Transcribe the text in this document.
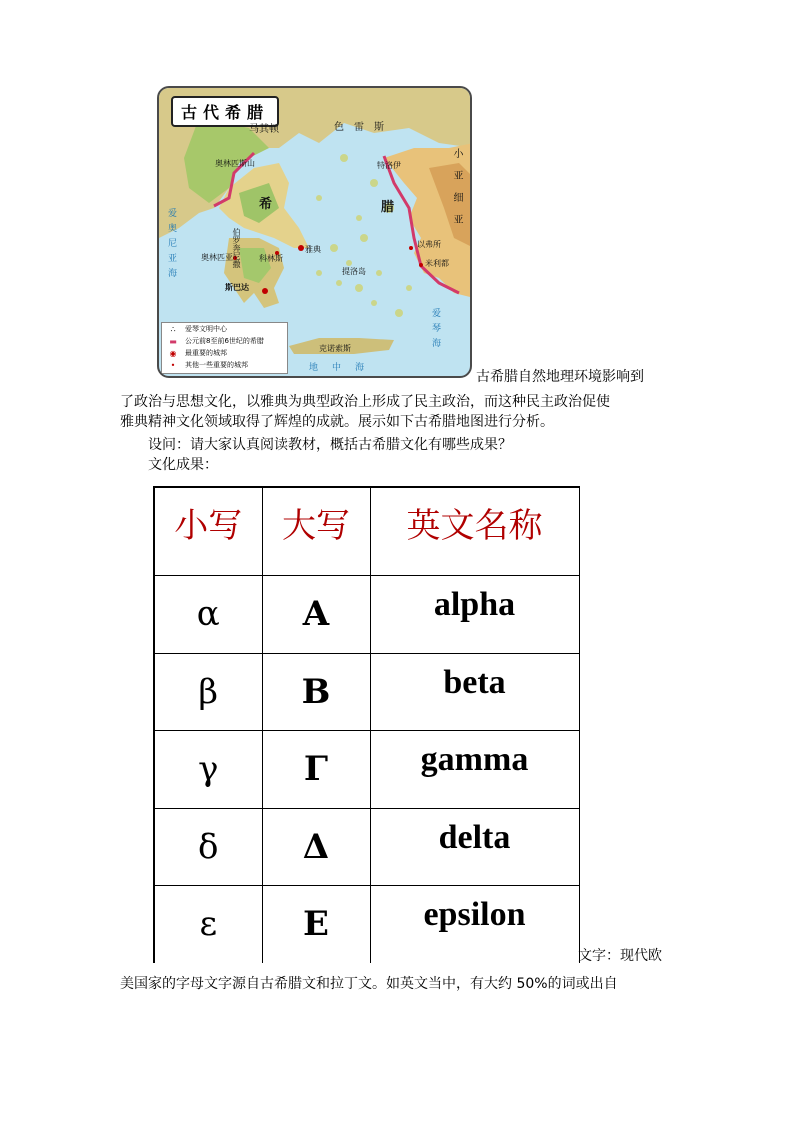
古代希腊
奥林匹斯山
马其顿	色雷斯
特洛伊
希	腊
爱奥尼亚海	雅典
科林斯
奥林匹亚
斯巴达
伯罗奔尼撒
提洛岛
克诺索斯
小亚细亚
以弗所
米利都
地中海
爱琴海
∴	爱琴文明中心
▬	公元前8至前6世纪的希腊
◉	最重要的城邦
•	其他一些重要的城邦
古希腊自然地理环境影响到
了政治与思想文化，以雅典为典型政治上形成了民主政治，而这种民主政治促使
雅典精神文化领域取得了辉煌的成就。展示如下古希腊地图进行分析。
设问：请大家认真阅读教材，概括古希腊文化有哪些成果？
文化成果：
小写	大写	英文名称
α	A	alpha
β	B	beta
γ	Γ	gamma
δ	Δ	delta
ε	E	epsilon
文字：现代欧
美国家的字母文字源自古希腊文和拉丁文。如英文当中，有大约 50%的词或出自
